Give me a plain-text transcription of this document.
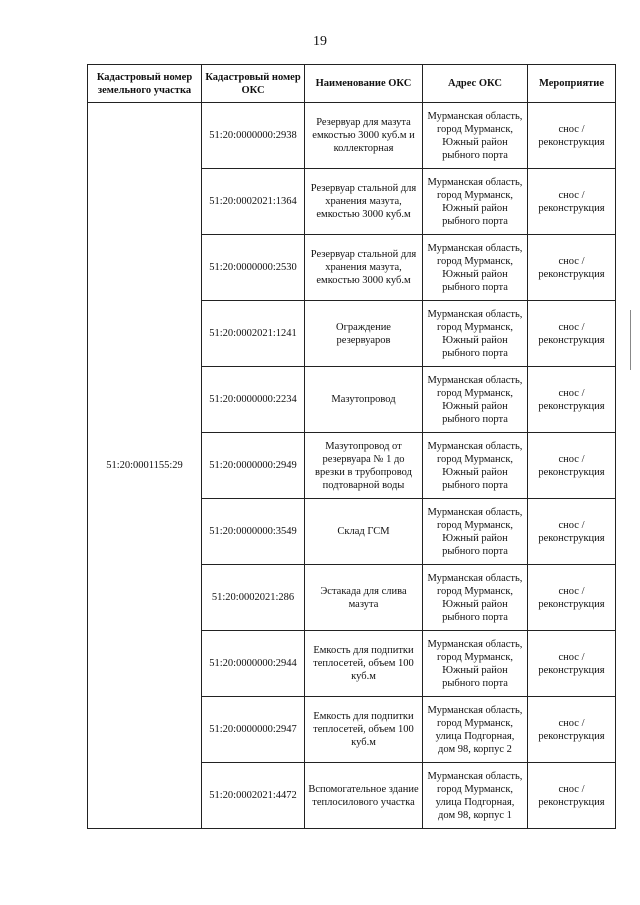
19
Кадастровый номер земельного участка	Кадастровый номер ОКС	Наименование ОКС	Адрес ОКС	Мероприятие
51:20:0001155:29	51:20:0000000:2938	Резервуар для мазута емкостью 3000 куб.м и коллекторная	Мурманская область, город Мурманск, Южный район рыбного порта	снос / реконструкция
	51:20:0002021:1364	Резервуар стальной для хранения мазута, емкостью 3000 куб.м	Мурманская область, город Мурманск, Южный район рыбного порта	снос / реконструкция
	51:20:0000000:2530	Резервуар стальной для хранения мазута, емкостью 3000 куб.м	Мурманская область, город Мурманск, Южный район рыбного порта	снос / реконструкция
	51:20:0002021:1241	Ограждение резервуаров	Мурманская область, город Мурманск, Южный район рыбного порта	снос / реконструкция
	51:20:0000000:2234	Мазутопровод	Мурманская область, город Мурманск, Южный район рыбного порта	снос / реконструкция
	51:20:0000000:2949	Мазутопровод от резервуара № 1 до врезки в трубопровод подтоварной воды	Мурманская область, город Мурманск, Южный район рыбного порта	снос / реконструкция
	51:20:0000000:3549	Склад ГСМ	Мурманская область, город Мурманск, Южный район рыбного порта	снос / реконструкция
	51:20:0002021:286	Эстакада для слива мазута	Мурманская область, город Мурманск, Южный район рыбного порта	снос / реконструкция
	51:20:0000000:2944	Емкость для подпитки теплосетей, объем 100 куб.м	Мурманская область, город Мурманск, Южный район рыбного порта	снос / реконструкция
	51:20:0000000:2947	Емкость для подпитки теплосетей, объем 100 куб.м	Мурманская область, город Мурманск, улица Подгорная, дом 98, корпус 2	снос / реконструкция
	51:20:0002021:4472	Вспомогательное здание теплосилового участка	Мурманская область, город Мурманск, улица Подгорная, дом 98, корпус 1	снос / реконструкция
